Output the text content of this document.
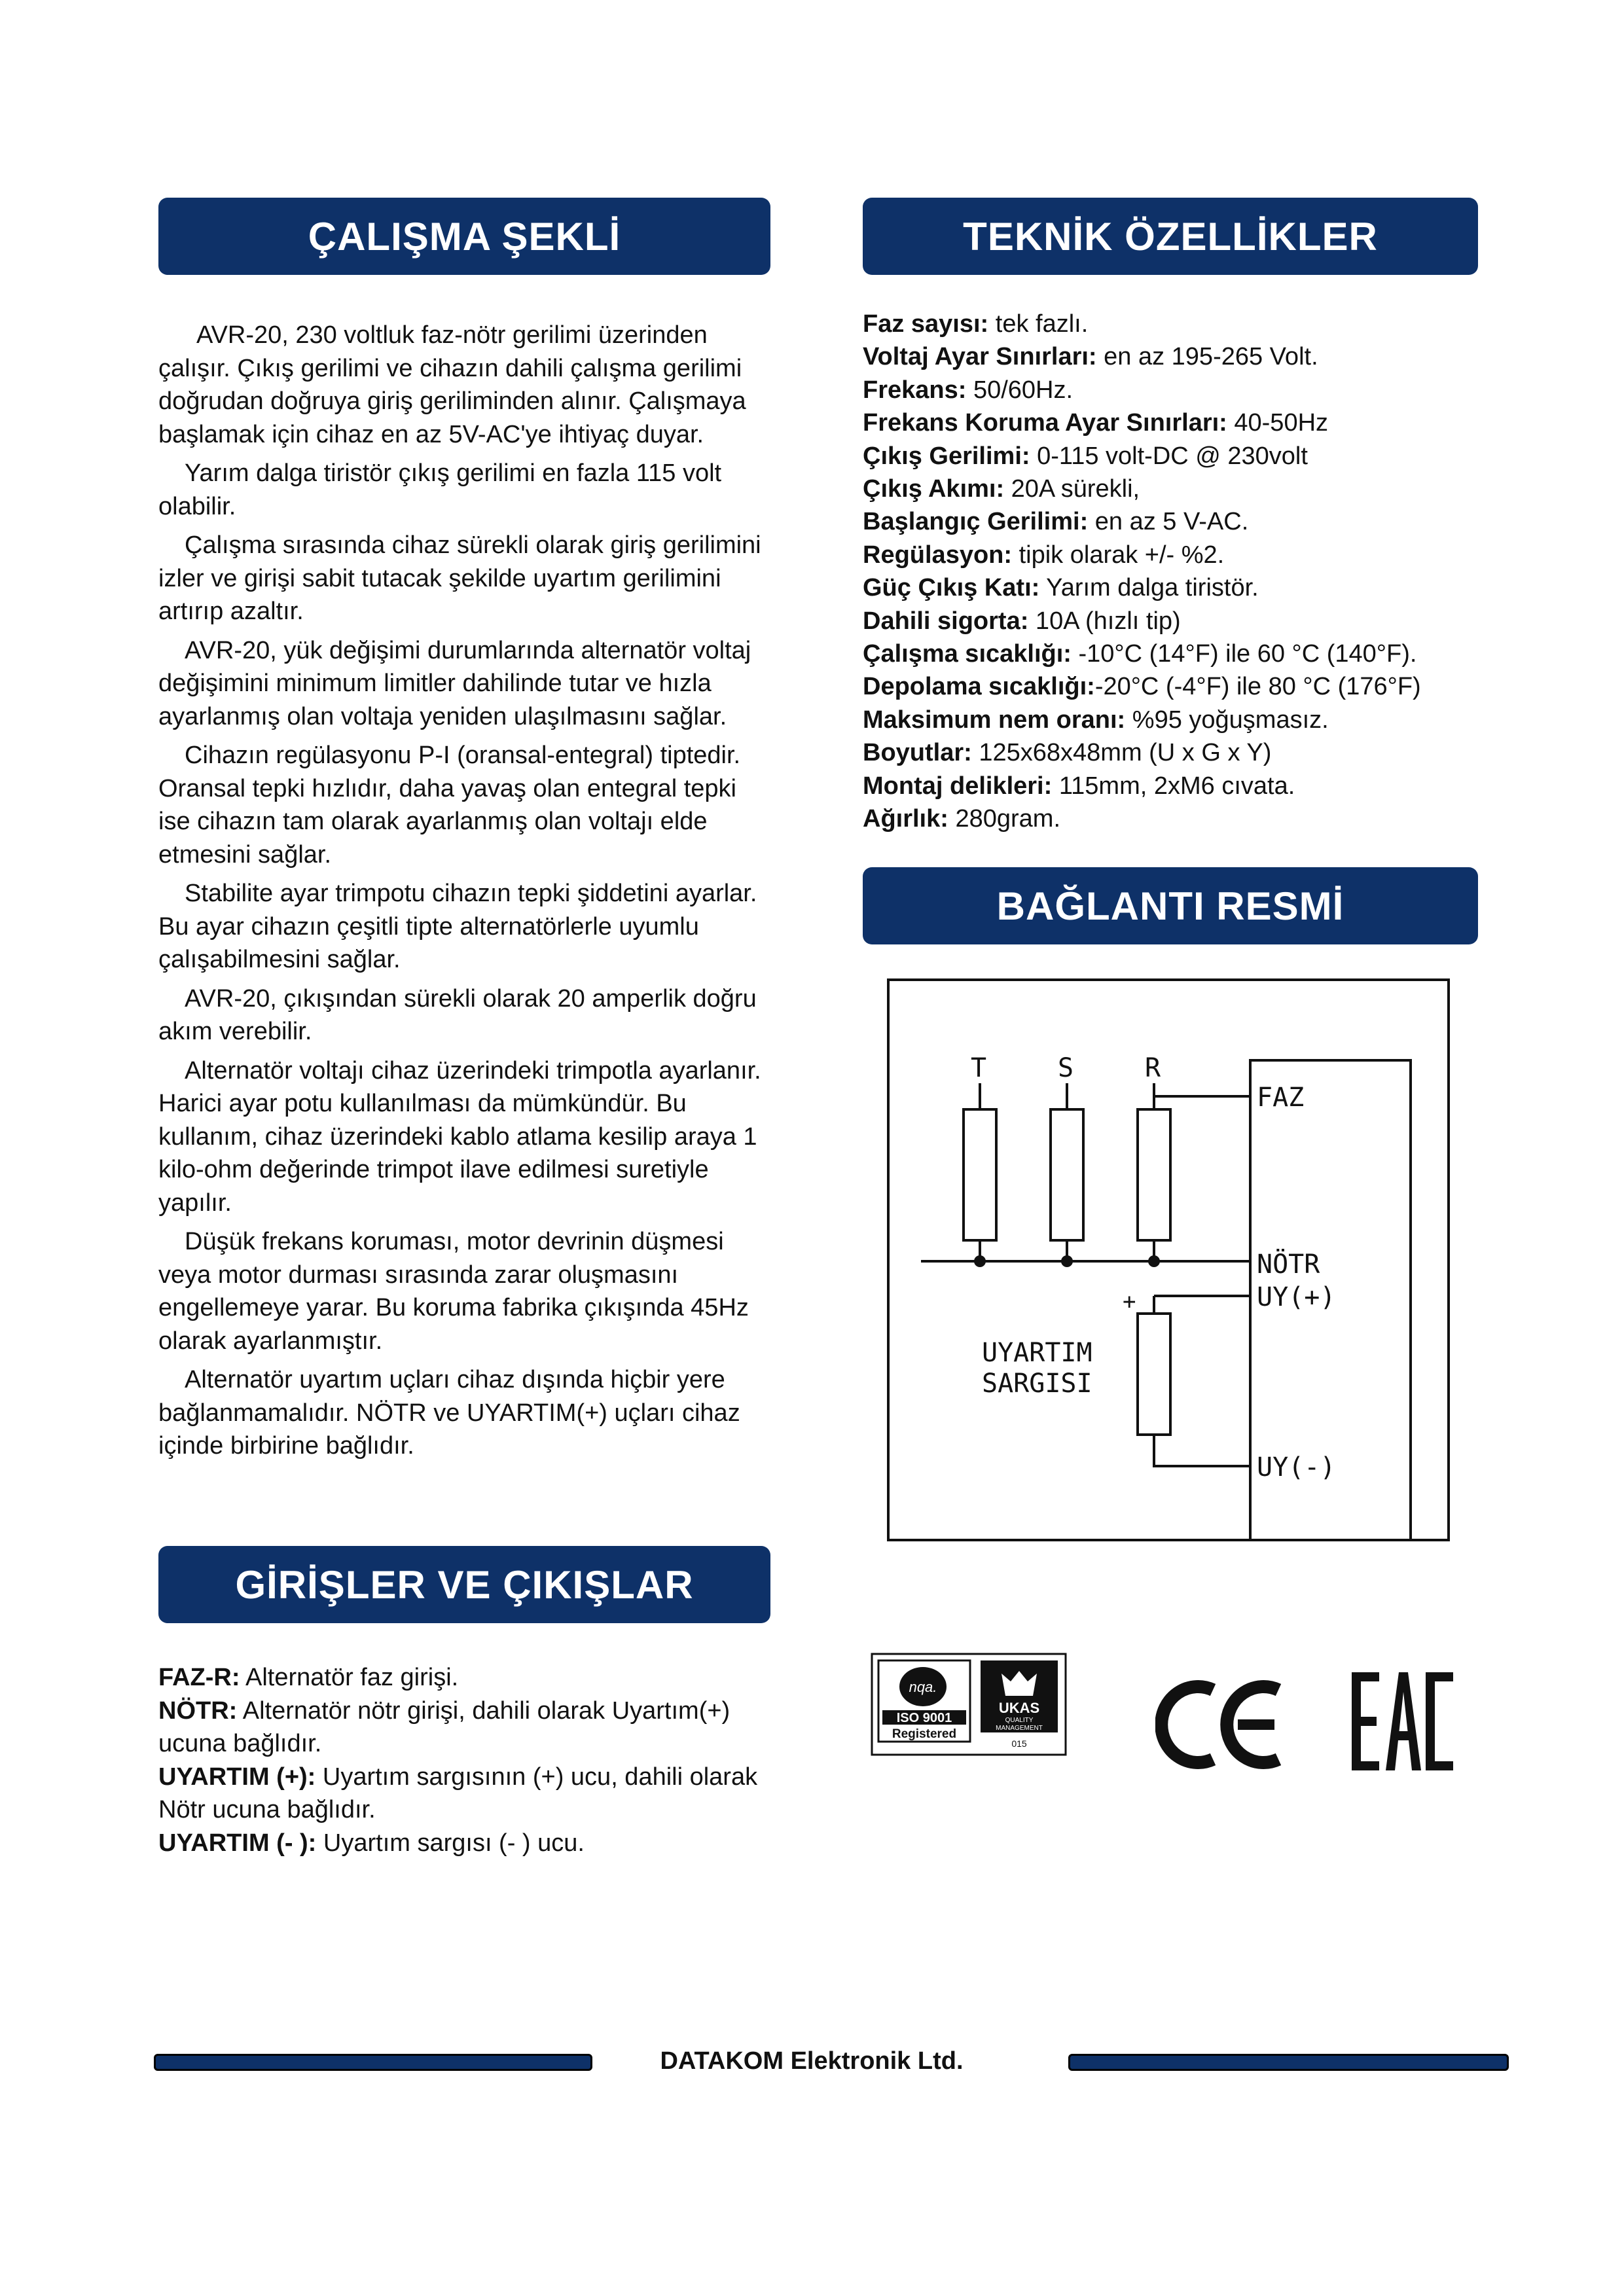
ÇALIŞMA ŞEKLİ	TEKNİK ÖZELLİKLER
BAĞLANTI RESMİ
GİRİŞLER VE ÇIKIŞLAR

AVR-20, 230 voltluk faz-nötr gerilimi üzerinden çalışır. Çıkış gerilimi ve cihazın dahili çalışma gerilimi doğrudan doğruya giriş geriliminden alınır. Çalışmaya başlamak için cihaz en az 5V-AC'ye ihtiyaç duyar.

Yarım dalga tiristör çıkış gerilimi en fazla 115 volt olabilir.

Çalışma sırasında cihaz sürekli olarak giriş gerilimini izler ve girişi sabit tutacak şekilde uyartım gerilimini artırıp azaltır.

AVR-20, yük değişimi durumlarında alternatör voltaj değişimini minimum limitler dahilinde tutar ve hızla ayarlanmış olan voltaja yeniden ulaşılmasını sağlar.

Cihazın regülasyonu P-I (oransal-entegral) tiptedir. Oransal tepki hızlıdır, daha yavaş olan entegral tepki ise cihazın tam olarak ayarlanmış olan voltajı elde etmesini sağlar.

Stabilite ayar trimpotu cihazın tepki şiddetini ayarlar. Bu ayar cihazın çeşitli tipte alternatörlerle uyumlu çalışabilmesini sağlar.

AVR-20, çıkışından sürekli olarak 20 amperlik doğru akım verebilir.

Alternatör voltajı cihaz üzerindeki trimpotla ayarlanır. Harici ayar potu kullanılması da mümkündür. Bu kullanım, cihaz üzerindeki kablo atlama kesilip araya 1 kilo-ohm değerinde trimpot ilave edilmesi suretiyle yapılır.

Düşük frekans koruması, motor devrinin düşmesi veya motor durması sırasında zarar oluşmasını engellemeye yarar. Bu koruma fabrika çıkışında 45Hz olarak ayarlanmıştır.

Alternatör uyartım uçları cihaz dışında hiçbir yere bağlanmamalıdır. NÖTR ve UYARTIM(+) uçları cihaz içinde birbirine bağlıdır.

Faz sayısı: tek fazlı.

Voltaj Ayar Sınırları: en az 195-265 Volt.

Frekans: 50/60Hz.

Frekans Koruma Ayar Sınırları: 40-50Hz

Çıkış Gerilimi: 0-115 volt-DC @ 230volt

Çıkış Akımı: 20A sürekli,

Başlangıç Gerilimi: en az 5 V-AC.

Regülasyon: tipik olarak +/- %2.

Güç Çıkış Katı: Yarım dalga tiristör.

Dahili sigorta: 10A (hızlı tip)

Çalışma sıcaklığı: -10°C (14°F) ile 60 °C (140°F).

Depolama sıcaklığı:-20°C (-4°F) ile 80 °C (176°F)

Maksimum nem oranı: %95 yoğuşmasız.

Boyutlar: 125x68x48mm (U x G x Y)

Montaj delikleri: 115mm, 2xM6 cıvata.

Ağırlık: 280gram.

T	S	R
FAZ
NÖTR
UY(+)
UY(-)
+
UYARTIM
SARGISI

FAZ-R: Alternatör faz girişi.

NÖTR: Alternatör nötr girişi, dahili olarak Uyartım(+) ucuna bağlıdır.

UYARTIM (+): Uyartım sargısının (+) ucu, dahili olarak Nötr ucuna bağlıdır.

UYARTIM (- ): Uyartım sargısı (- ) ucu.

nqa.
ISO 9001
Registered
UKAS
QUALITY
MANAGEMENT
015
DATAKOM Elektronik Ltd.
